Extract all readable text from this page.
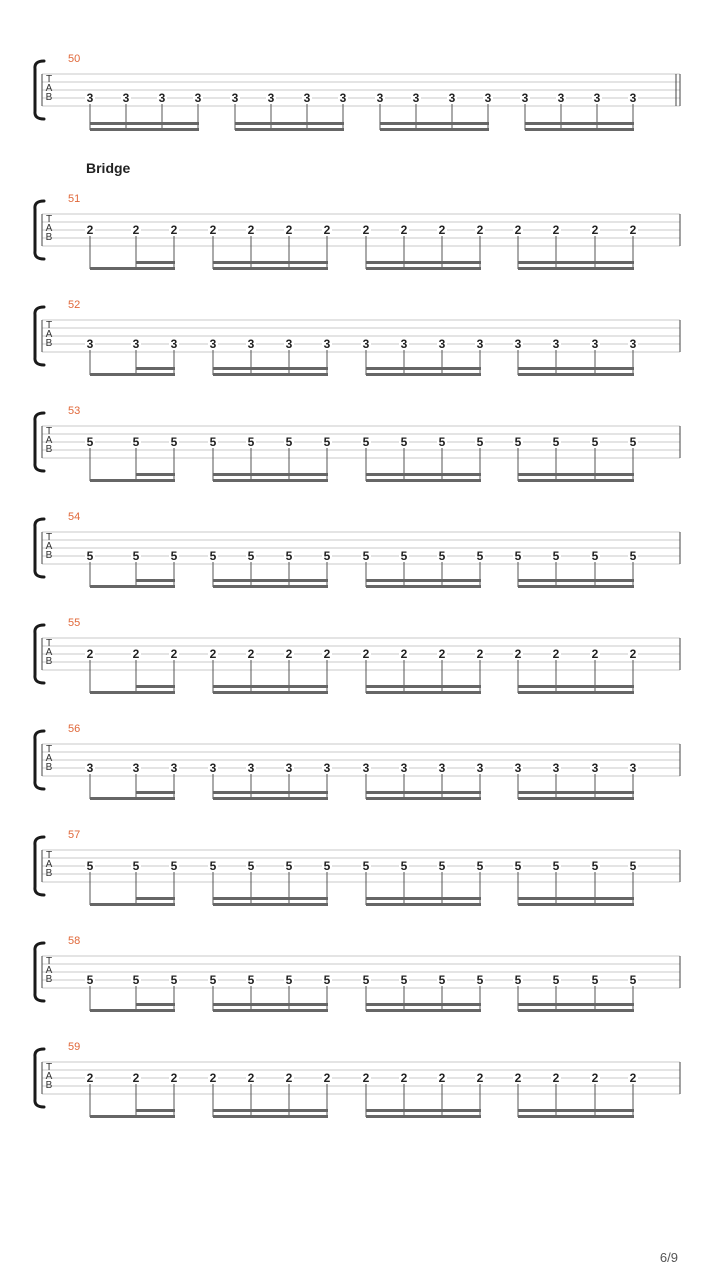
50
T
A
B	3 3 3 3	3 3 3 3	3 3 3 3	3 3 3 3
51
T
A
B
2	2	2	2	2	2	2	2	2	2	2	2	2	2	2
52
T
A
B	3	3	3	3	3	3	3	3	3	3	3	3	3	3	3
53
T
A
B
5	5	5	5	5	5	5	5	5	5	5	5	5	5	5
54
T
A
B	5	5	5	5	5	5	5	5	5	5	5	5	5	5	5
55
T
A
B
2	2	2	2	2	2	2	2	2	2	2	2	2	2	2
56
T
A
B	3	3	3	3	3	3	3	3	3	3	3	3	3	3	3
57
T
A
B
5	5	5	5	5	5	5	5	5	5	5	5	5	5	5
58
T
A
B	5	5	5	5	5	5	5	5	5	5	5	5	5	5	5
59
T
A
B
2	2	2	2	2	2	2	2	2	2	2	2	2	2	2
Bridge
6/9
